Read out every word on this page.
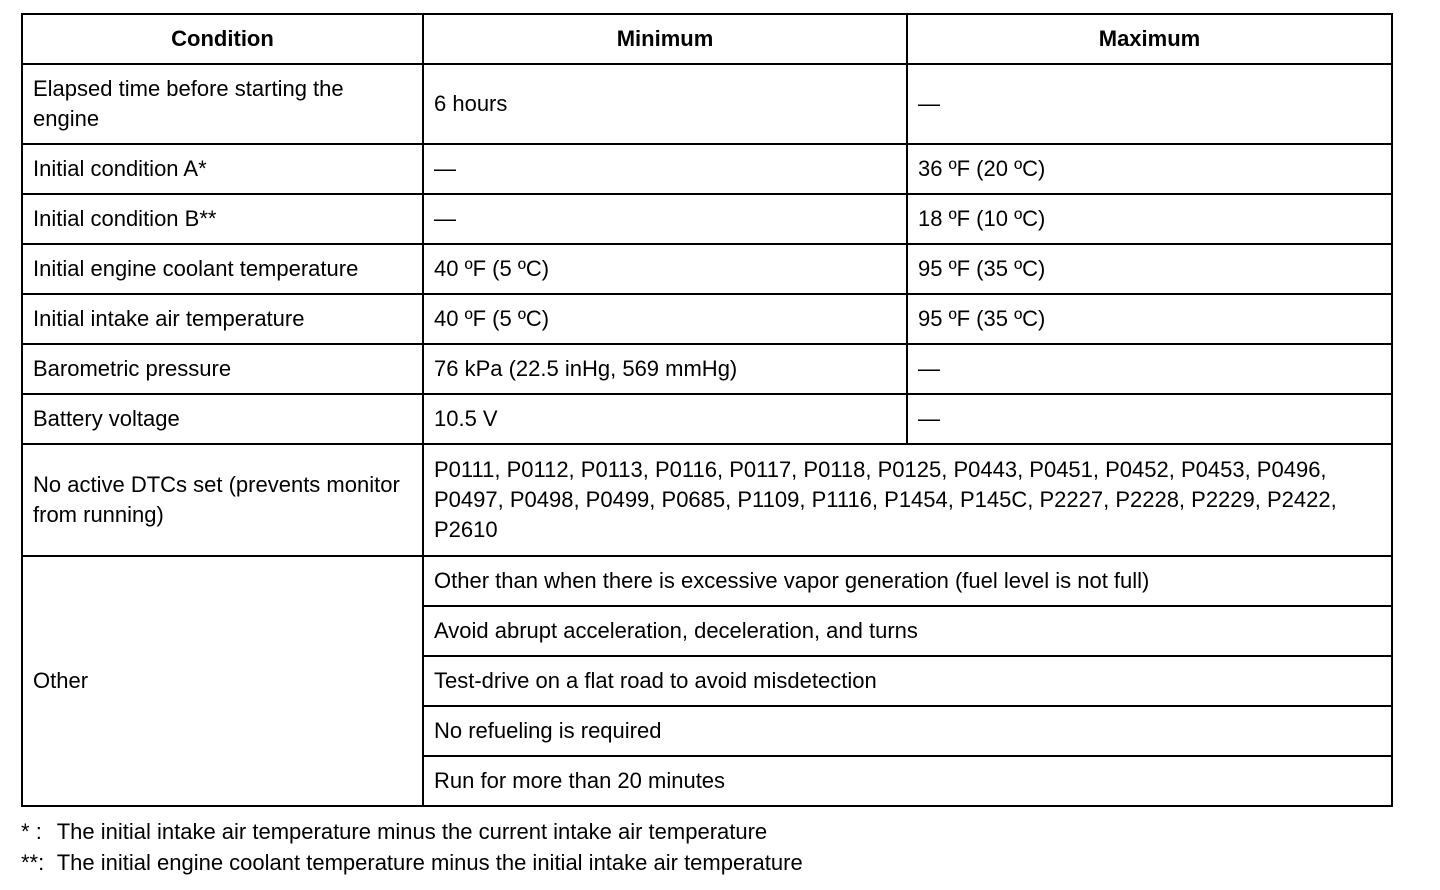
Condition	Minimum	Maximum
Elapsed time before starting the engine	6 hours	—
Initial condition A*	—	36 ºF (20 ºC)
Initial condition B**	—	18 ºF (10 ºC)
Initial engine coolant temperature	40 ºF (5 ºC)	95 ºF (35 ºC)
Initial intake air temperature	40 ºF (5 ºC)	95 ºF (35 ºC)
Barometric pressure	76 kPa (22.5 inHg, 569 mmHg)	—
Battery voltage	10.5 V	—
No active DTCs set (prevents monitor from running)	P0111, P0112, P0113, P0116, P0117, P0118, P0125, P0443, P0451, P0452, P0453, P0496, P0497, P0498, P0499, P0685, P1109, P1116, P1454, P145C, P2227, P2228, P2229, P2422, P2610	
Other	Other than when there is excessive vapor generation (fuel level is not full)	
	Avoid abrupt acceleration, deceleration, and turns	
	Test-drive on a flat road to avoid misdetection	
	No refueling is required	
	Run for more than 20 minutes	
* : The initial intake air temperature minus the current intake air temperature
**: The initial engine coolant temperature minus the initial intake air temperature
